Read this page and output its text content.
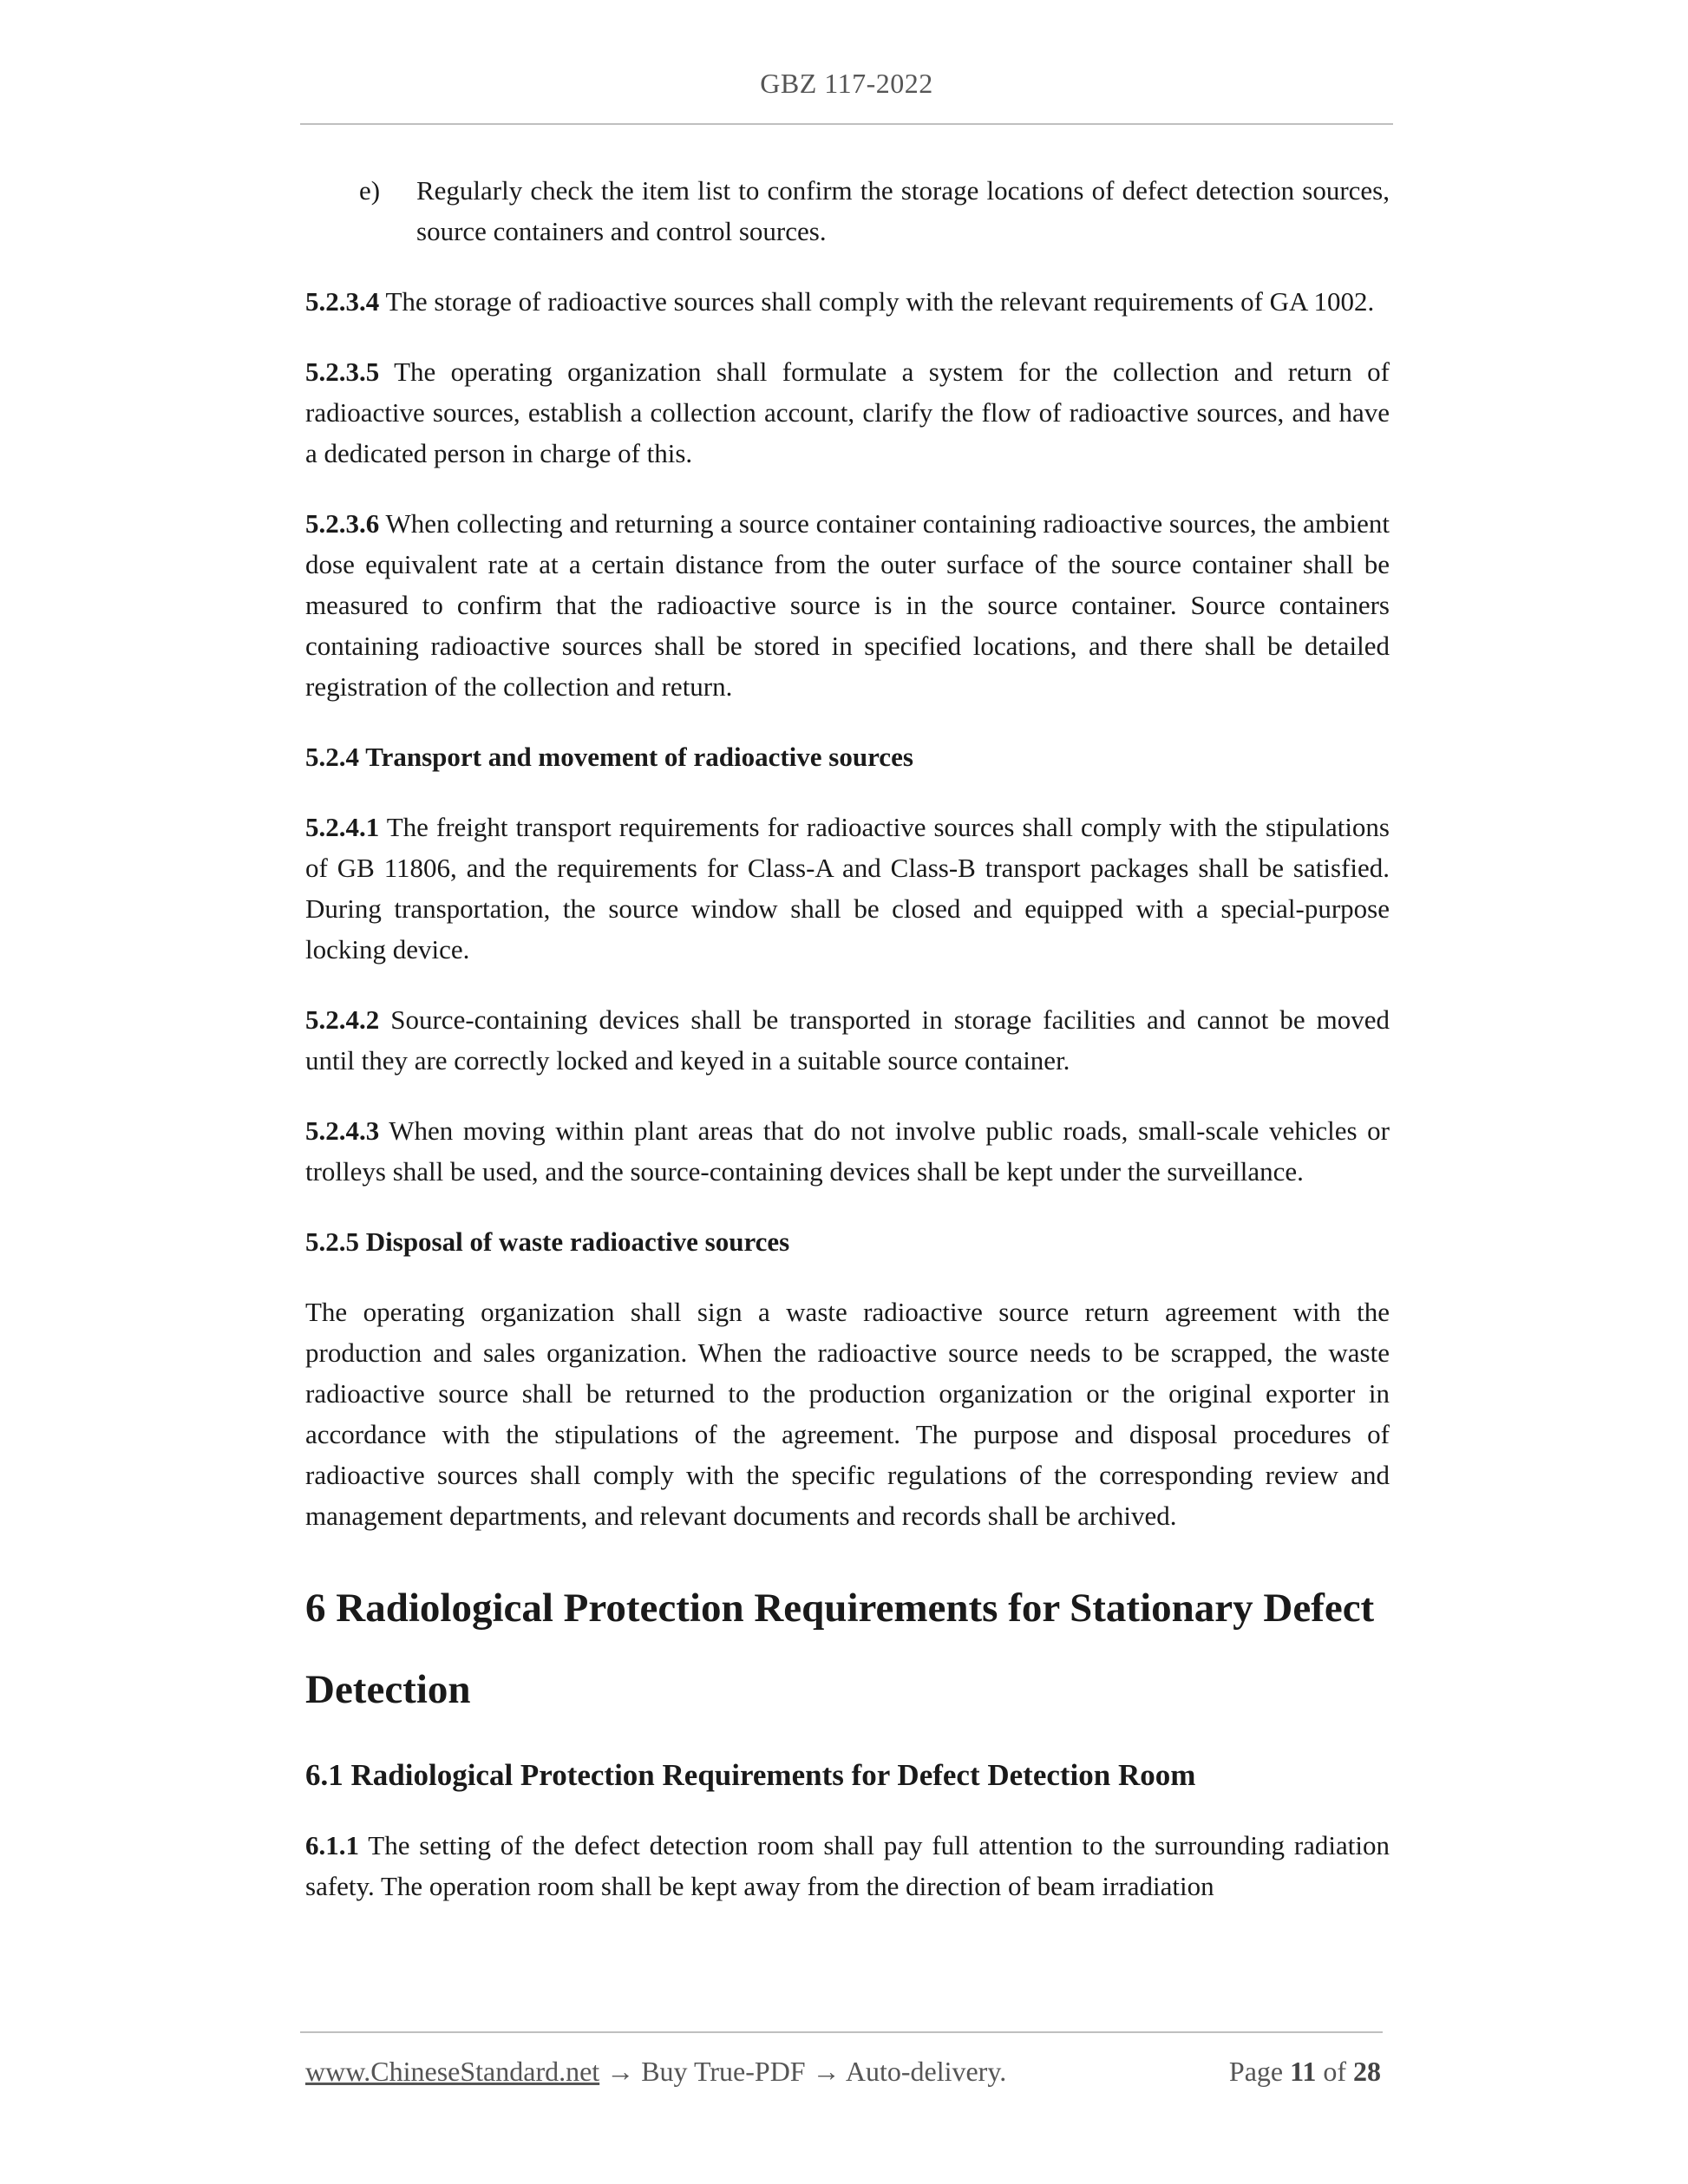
GBZ 117-2022
e)	Regularly check the item list to confirm the storage locations of defect detection sources, source containers and control sources.

5.2.3.4 The storage of radioactive sources shall comply with the relevant requirements of GA 1002.

5.2.3.5 The operating organization shall formulate a system for the collection and return of radioactive sources, establish a collection account, clarify the flow of radioactive sources, and have a dedicated person in charge of this.

5.2.3.6 When collecting and returning a source container containing radioactive sources, the ambient dose equivalent rate at a certain distance from the outer surface of the source container shall be measured to confirm that the radioactive source is in the source container. Source containers containing radioactive sources shall be stored in specified locations, and there shall be detailed registration of the collection and return.

5.2.4 Transport and movement of radioactive sources

5.2.4.1 The freight transport requirements for radioactive sources shall comply with the stipulations of GB 11806, and the requirements for Class-A and Class-B transport packages shall be satisfied. During transportation, the source window shall be closed and equipped with a special-purpose locking device.

5.2.4.2 Source-containing devices shall be transported in storage facilities and cannot be moved until they are correctly locked and keyed in a suitable source container.

5.2.4.3 When moving within plant areas that do not involve public roads, small-scale vehicles or trolleys shall be used, and the source-containing devices shall be kept under the surveillance.

5.2.5 Disposal of waste radioactive sources

The operating organization shall sign a waste radioactive source return agreement with the production and sales organization. When the radioactive source needs to be scrapped, the waste radioactive source shall be returned to the production organization or the original exporter in accordance with the stipulations of the agreement. The purpose and disposal procedures of radioactive sources shall comply with the specific regulations of the corresponding review and management departments, and relevant documents and records shall be archived.

6 Radiological Protection Requirements for Stationary Defect Detection
6.1 Radiological Protection Requirements for Defect Detection Room

6.1.1 The setting of the defect detection room shall pay full attention to the surrounding radiation safety. The operation room shall be kept away from the direction of beam irradiation

www.ChineseStandard.net → Buy True-PDF → Auto-delivery.	Page 11 of 28
